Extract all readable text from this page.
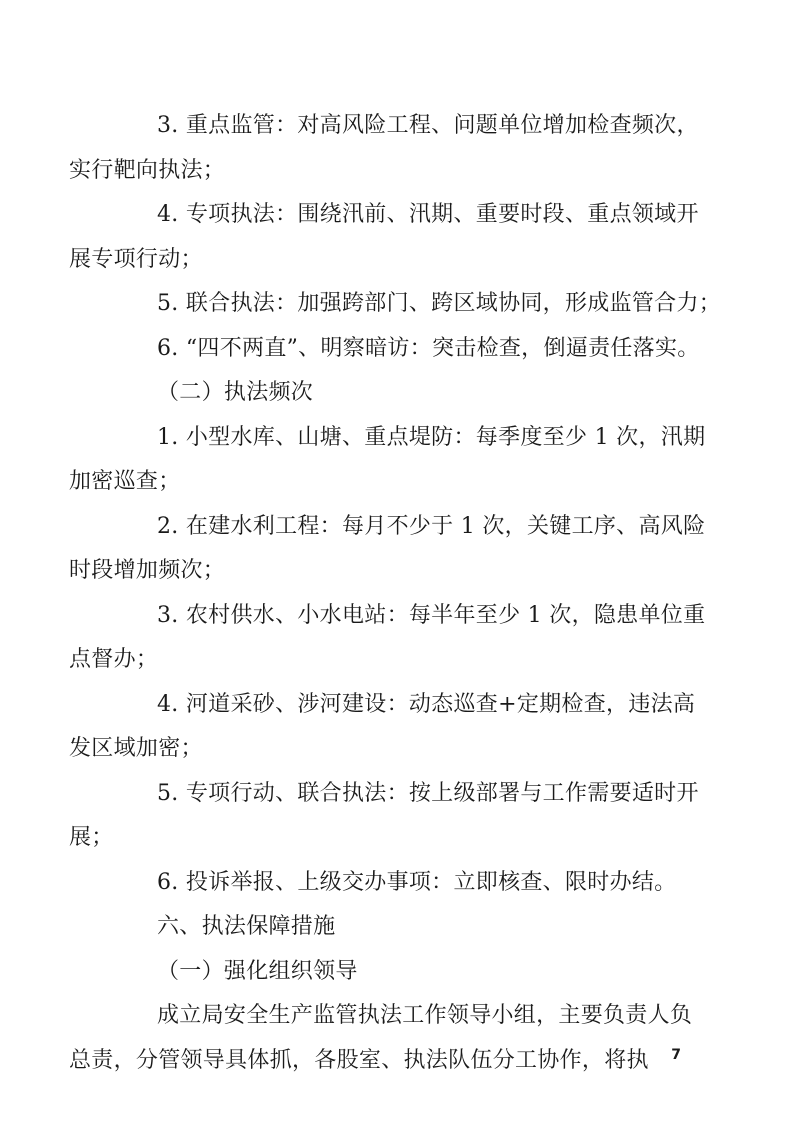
3. 重点监管：对高风险工程、问题单位增加检查频次，
实行靶向执法；

4. 专项执法：围绕汛前、汛期、重要时段、重点领域开
展专项行动；

5. 联合执法：加强跨部门、跨区域协同，形成监管合力；

6. “四不两直”、明察暗访：突击检查，倒逼责任落实。

（二）执法频次

1. 小型水库、山塘、重点堤防：每季度至少 1 次，汛期
加密巡查；

2. 在建水利工程：每月不少于 1 次，关键工序、高风险
时段增加频次；

3. 农村供水、小水电站：每半年至少 1 次，隐患单位重
点督办；

4. 河道采砂、涉河建设：动态巡查+定期检查，违法高
发区域加密；

5. 专项行动、联合执法：按上级部署与工作需要适时开
展；

6. 投诉举报、上级交办事项：立即核查、限时办结。

六、执法保障措施

（一）强化组织领导

成立局安全生产监管执法工作领导小组，主要负责人负
总责，分管领导具体抓，各股室、执法队伍分工协作，将执	7
